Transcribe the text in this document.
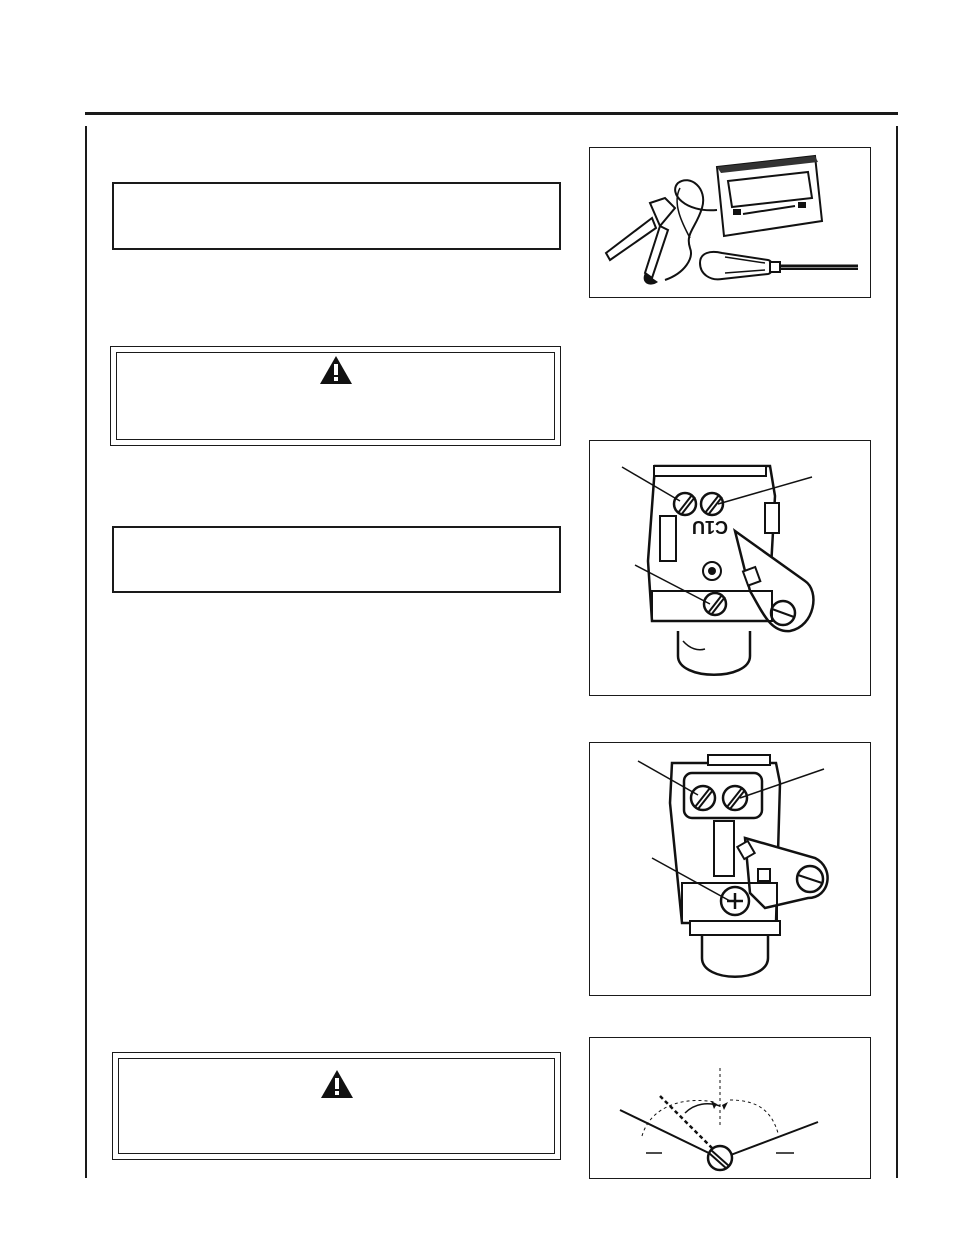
C1U
